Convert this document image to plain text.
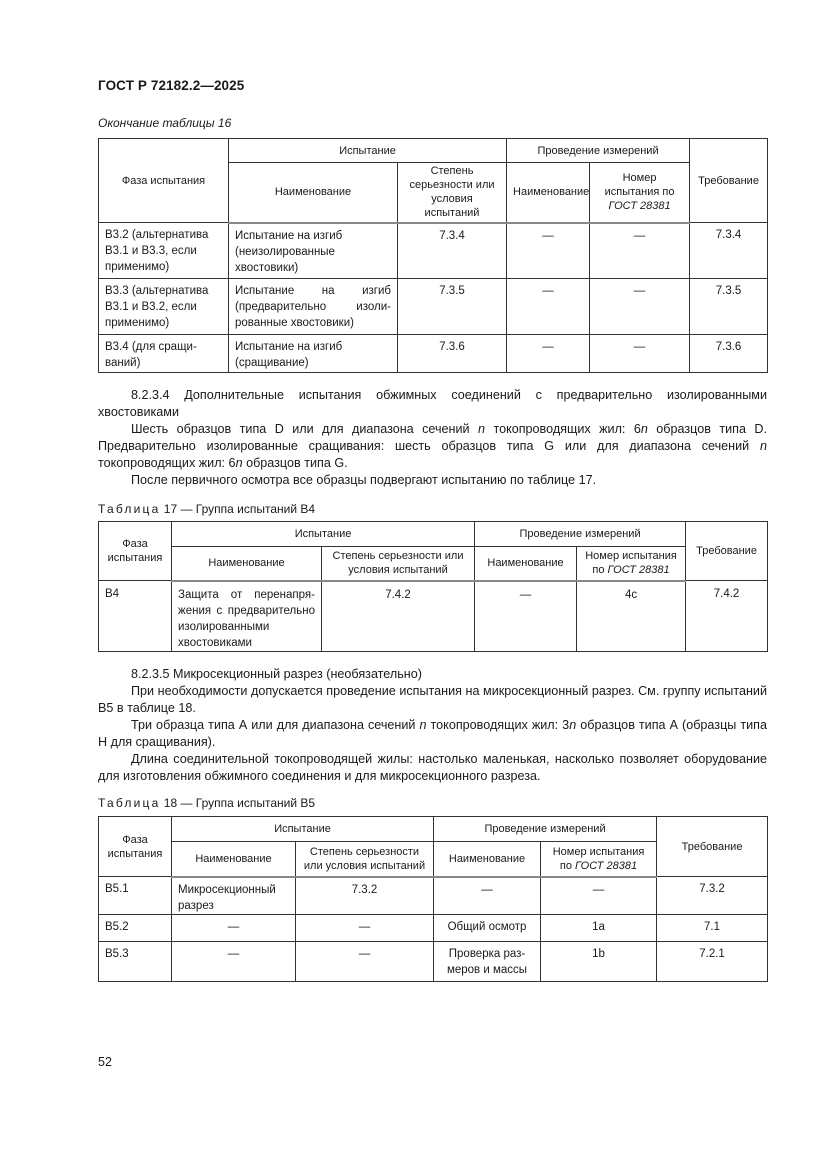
ГОСТ Р 72182.2—2025
Окончание таблицы 16
Фаза испытания	Испытание		Проведение измерений		Требование
	Наименование	Степень серьезности или условия испытаний	Наименование	Номер испытания по
ГОСТ 28381	
B3.2 (альтернатива B3.1 и B3.3, если применимо)	Испытание на изгиб (неизолированные хвостовики)	7.3.4	—	—	7.3.4
B3.3 (альтернатива B3.1 и B3.2, если применимо)	Испытание на изгиб (предварительно изолированные хвостовики)	7.3.5	—	—	7.3.5
B3.4 (для сращиваний)	Испытание на изгиб (сращивание)	7.3.6	—	—	7.3.6

8.2.3.4 Дополнительные испытания обжимных соединений с предварительно изолированными хвостовиками

Шесть образцов типа D или для диапазона сечений n токопроводящих жил: 6n образцов типа D. Предварительно изолированные сращивания: шесть образцов типа G или для диапазона сечений n токопроводящих жил: 6n образцов типа G.

После первичного осмотра все образцы подвергают испытанию по таблице 17.

Таблица 17 — Группа испытаний B4
Фаза испытания	Испытание		Проведение измерений		Требование
	Наименование	Степень серьезности или условия испытаний	Наименование	Номер испытания по ГОСТ 28381	
B4	Защита от перенапряжения с предварительно изолированными хвостовиками	7.4.2	—	4c	7.4.2

8.2.3.5 Микросекционный разрез (необязательно)

При необходимости допускается проведение испытания на микросекционный разрез. См. группу испытаний B5 в таблице 18.

Три образца типа А или для диапазона сечений n токопроводящих жил: 3n образцов типа А (образцы типа Н для сращивания).

Длина соединительной токопроводящей жилы: настолько маленькая, насколько позволяет оборудование для изготовления обжимного соединения и для микросекционного разреза.

Таблица 18 — Группа испытаний B5
Фаза испытания	Испытание		Проведение измерений		Требование
	Наименование	Степень серьезности или условия испытаний	Наименование	Номер испытания по ГОСТ 28381	
B5.1	Микросекционный разрез	7.3.2	—	—	7.3.2
B5.2	—	—	Общий осмотр	1a	7.1
B5.3	—	—	Проверка размеров и массы	1b	7.2.1
52
